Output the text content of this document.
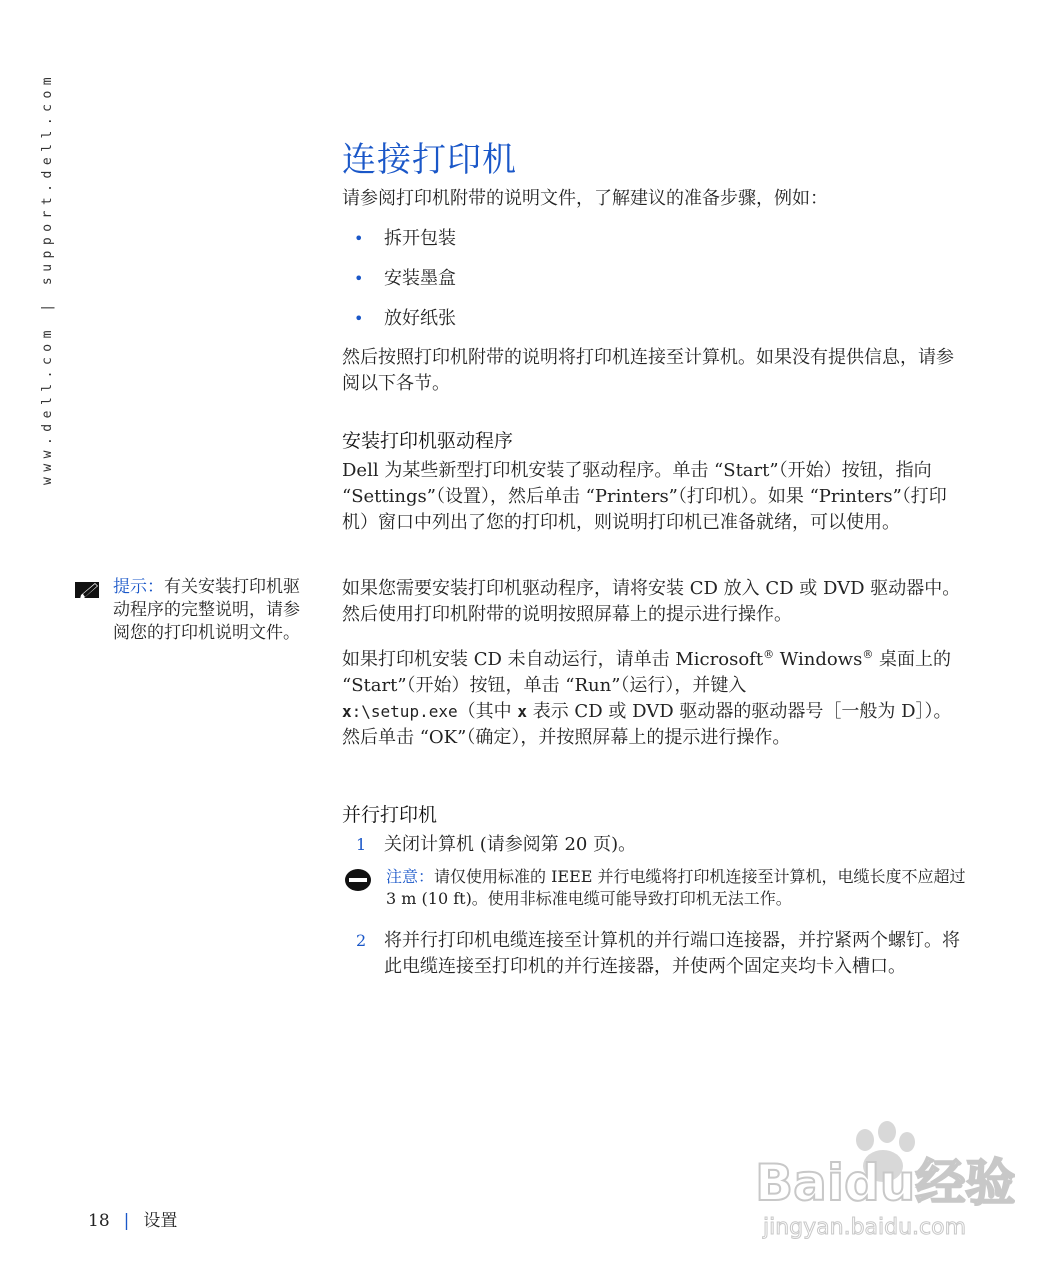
www.dell.com | support.dell.com	连接打印机

请参阅打印机附带的说明文件，了解建议的准备步骤，例如：

• 拆开包装
• 安装墨盒
• 放好纸张

然后按照打印机附带的说明将打印机连接至计算机。如果没有提供信息，请参阅以下各节。

安装打印机驱动程序

Dell 为某些新型打印机安装了驱动程序。单击 “Start”（开始）按钮，指向 “Settings”（设置），然后单击 “Printers”（打印机）。如果 “Printers”（打印机）窗口中列出了您的打印机，则说明打印机已准备就绪，可以使用。

如果您需要安装打印机驱动程序，请将安装 CD 放入 CD 或 DVD 驱动器中。然后使用打印机附带的说明按照屏幕上的提示进行操作。

如果打印机安装 CD 未自动运行，请单击 Microsoft® Windows® 桌面上的 “Start”（开始）按钮，单击 “Run”（运行），并键入
x:\setup.exe（其中 x 表示 CD 或 DVD 驱动器的驱动器号［一般为 D］）。然后单击 “OK”（确定），并按照屏幕上的提示进行操作。

并行打印机
1 关闭计算机 (请参阅第 20 页)。
注意：请仅使用标准的 IEEE 并行电缆将打印机连接至计算机，电缆长度不应超过 3 m (10 ft)。使用非标准电缆可能导致打印机无法工作。
2 将并行打印机电缆连接至计算机的并行端口连接器，并拧紧两个螺钉。将此电缆连接至打印机的并行连接器，并使两个固定夹均卡入槽口。
提示：有关安装打印机驱动程序的完整说明，请参阅您的打印机说明文件。
18 | 设置
Baidu经验
jingyan.baidu.com
